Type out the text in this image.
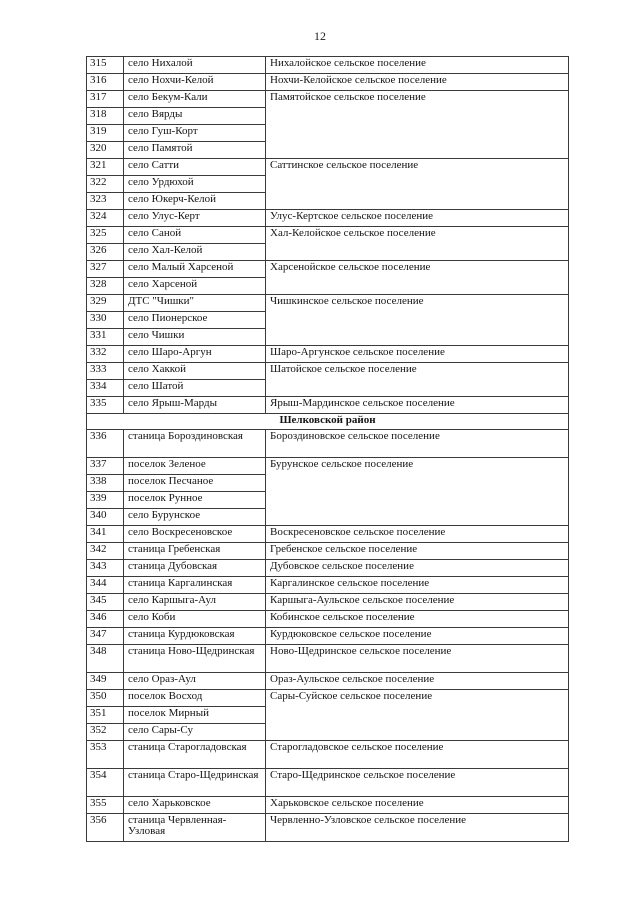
12
315	село Нихалой	Нихалойское сельское поселение
316	село Нохчи-Келой	Нохчи-Келойское сельское поселение
317	село Бекум-Кали	Памятойское сельское поселение
318	село Вярды	
319	село Гуш-Корт	
320	село Памятой	
321	село Сатти	Саттинское сельское поселение
322	село Урдюхой	
323	село Юкерч-Келой	
324	село Улус-Керт	Улус-Кертское сельское поселение
325	село Саной	Хал-Келойское сельское поселение
326	село Хал-Келой	
327	село Малый Харсеной	Харсенойское сельское поселение
328	село Харсеной	
329	ДТС "Чишки"	Чишкинское сельское поселение
330	село Пионерское	
331	село Чишки	
332	село Шаро-Аргун	Шаро-Аргунское сельское поселение
333	село Хаккой	Шатойское сельское поселение
334	село Шатой	
335	село Ярыш-Марды	Ярыш-Мардинское сельское поселение
Шелковской район		
336	станица Бороздиновская	Бороздиновское сельское поселение
337	поселок Зеленое	Бурунское сельское поселение
338	поселок Песчаное	
339	поселок Рунное	
340	село Бурунское	
341	село Воскресеновское	Воскресеновское сельское поселение
342	станица Гребенская	Гребенское сельское поселение
343	станица Дубовская	Дубовское сельское поселение
344	станица Каргалинская	Каргалинское сельское поселение
345	село Каршыга-Аул	Каршыга-Аульское сельское поселение
346	село Коби	Кобинское сельское поселение
347	станица Курдюковская	Курдюковское сельское поселение
348	станица Ново-Щедринская	Ново-Щедринское сельское поселение
349	село Ораз-Аул	Ораз-Аульское сельское поселение
350	поселок Восход	Сары-Суйское сельское поселение
351	поселок Мирный	
352	село Сары-Су	
353	станица Староглaдовская	Староглaдовское сельское поселение
354	станица Старо-Щедринская	Старо-Щедринское сельское поселение
355	село Харьковское	Харьковское сельское поселение
356	станица Червленная-Узловая	Червленно-Узловское сельское поселение
